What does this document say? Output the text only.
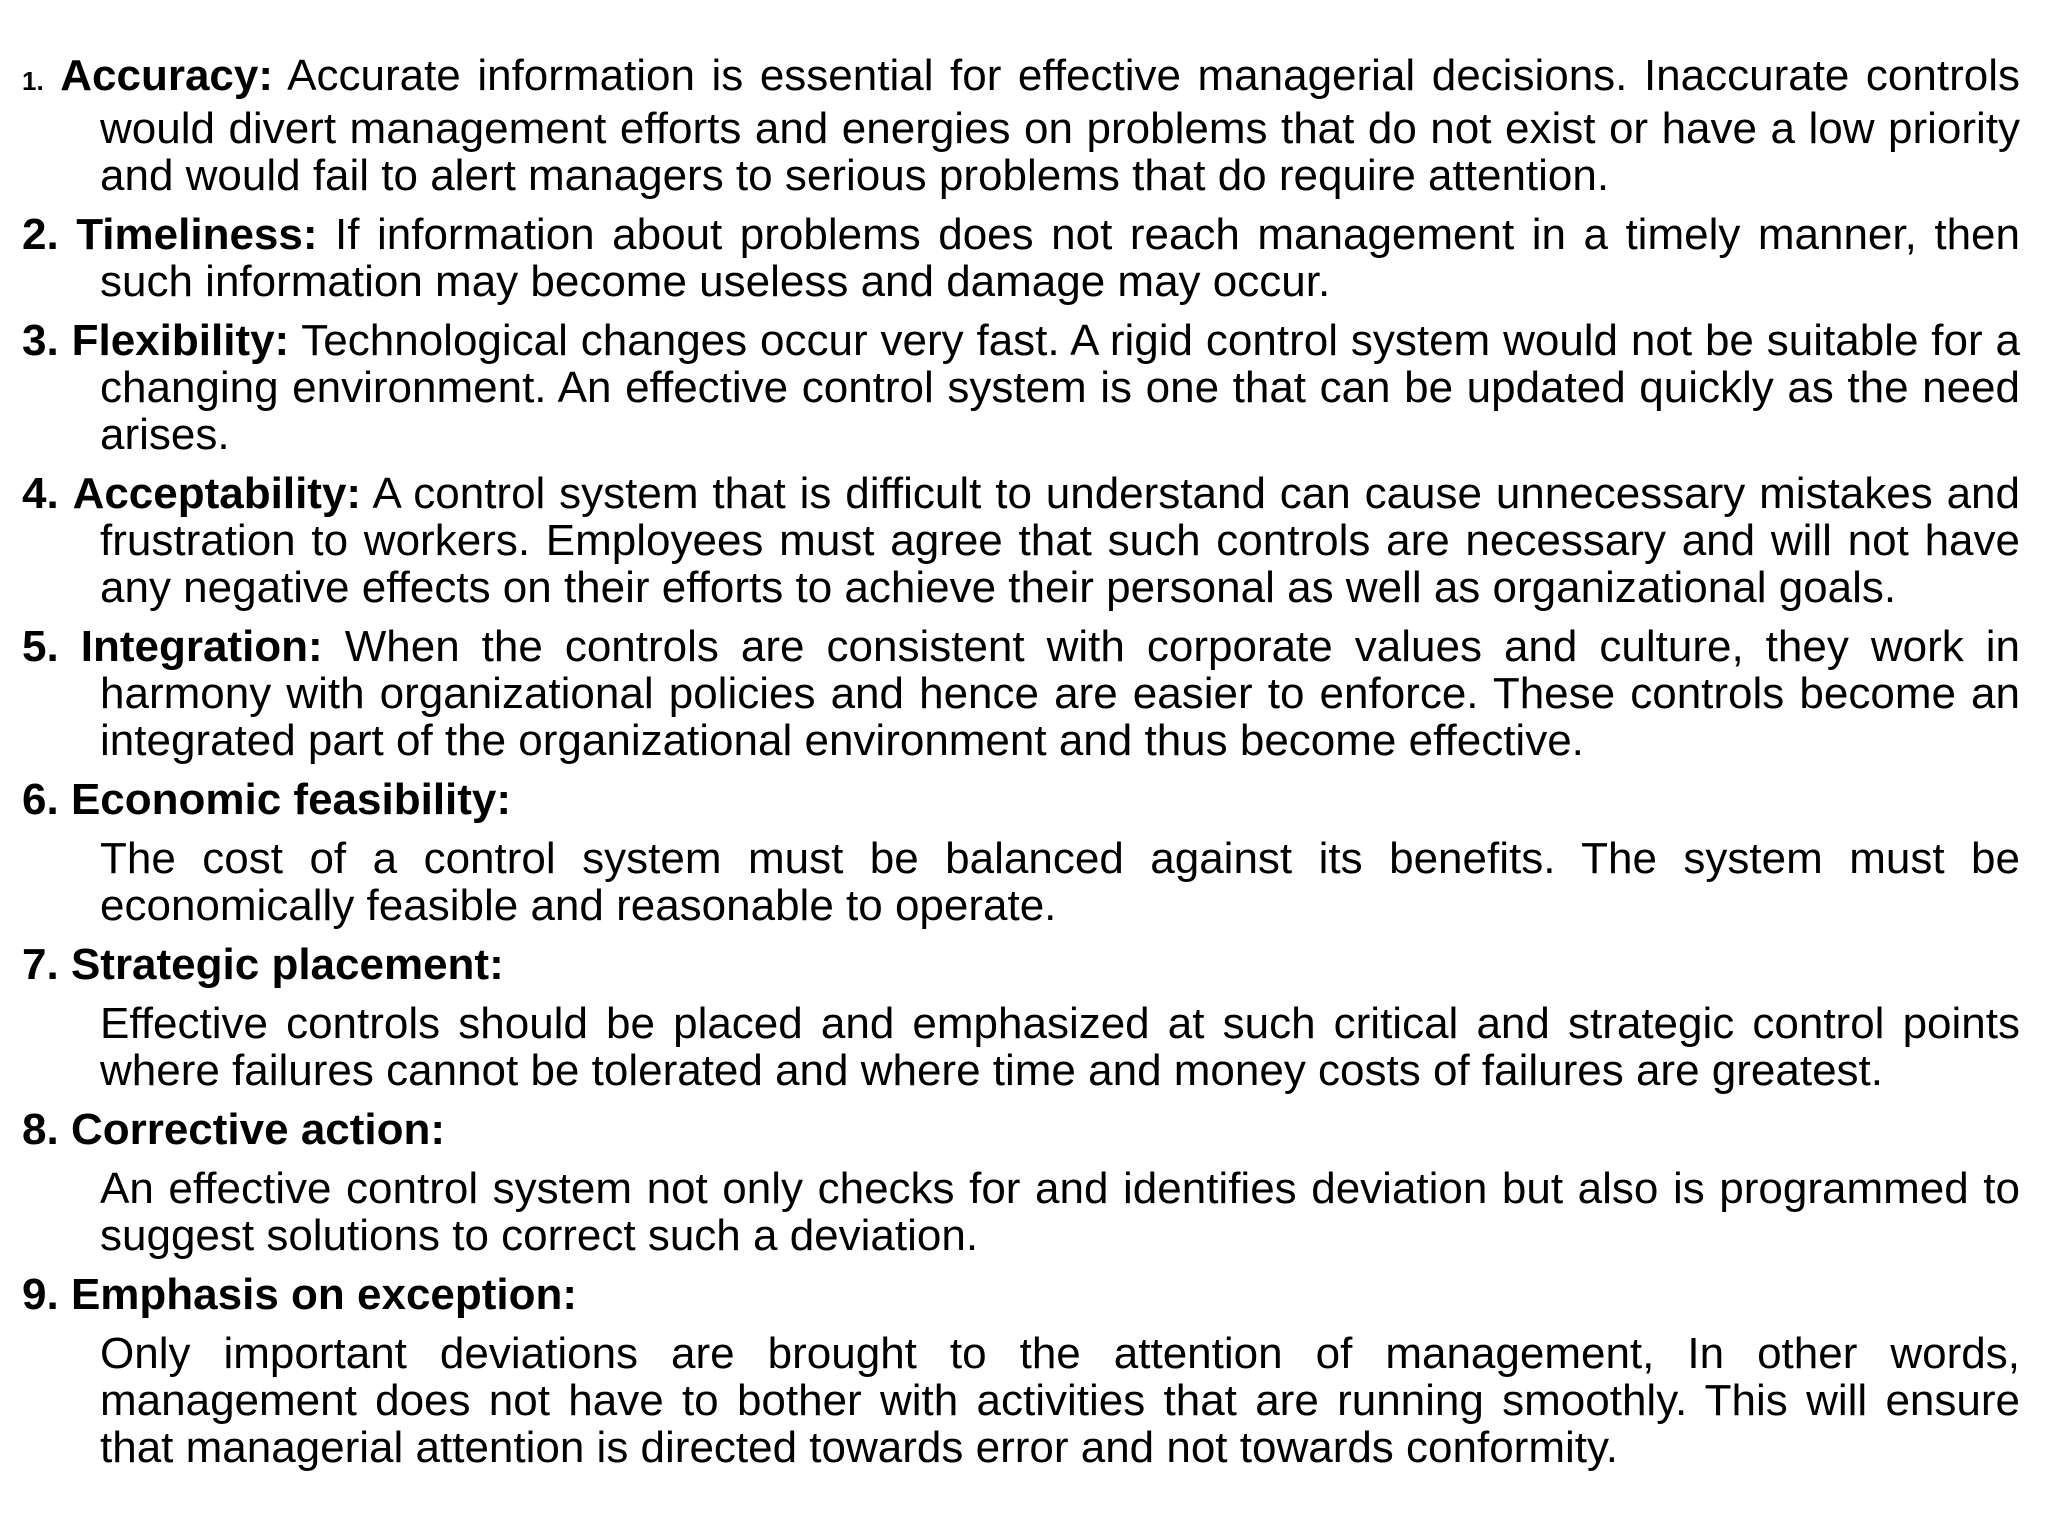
1. Accuracy: Accurate information is essential for effective managerial decisions. Inaccurate controls would divert management efforts and energies on problems that do not exist or have a low priority and would fail to alert managers to serious problems that do require attention.
2. Timeliness: If information about problems does not reach management in a timely manner, then such information may become useless and damage may occur.
3. Flexibility: Technological changes occur very fast. A rigid control system would not be suitable for a changing environment. An effective control system is one that can be updated quickly as the need arises.
4. Acceptability: A control system that is difficult to understand can cause unnecessary mistakes and frustration to workers. Employees must agree that such controls are necessary and will not have any negative effects on their efforts to achieve their personal as well as organizational goals.
5. Integration: When the controls are consistent with corporate values and culture, they work in harmony with organizational policies and hence are easier to enforce. These controls become an integrated part of the organizational environment and thus become effective.
6. Economic feasibility:
The cost of a control system must be balanced against its benefits. The system must be economically feasible and reasonable to operate.
7. Strategic placement:
Effective controls should be placed and emphasized at such critical and strategic control points where failures cannot be tolerated and where time and money costs of failures are greatest.
8. Corrective action:
An effective control system not only checks for and identifies deviation but also is programmed to suggest solutions to correct such a deviation.
9. Emphasis on exception:
Only important deviations are brought to the attention of management, In other words, management does not have to bother with activities that are running smoothly. This will ensure that managerial attention is directed towards error and not towards conformity.
